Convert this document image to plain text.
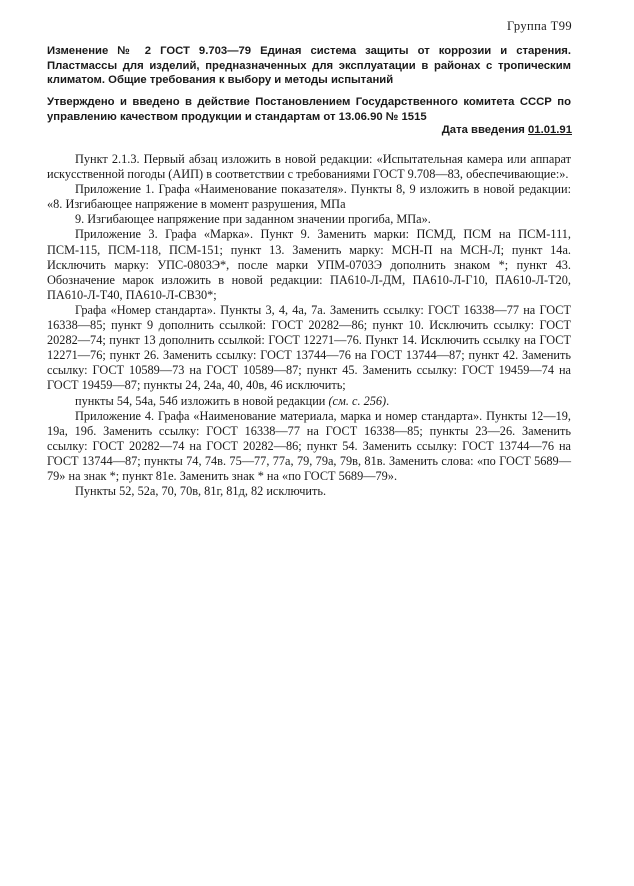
Группа Т99
Изменение № 2 ГОСТ 9.703—79 Единая система защиты от коррозии и старения. Пластмассы для изделий, предназначенных для эксплуатации в районах с тропическим климатом. Общие требования к выбору и методы испытаний
Утверждено и введено в действие Постановлением Государственного комитета СССР по управлению качеством продукции и стандартам от 13.06.90 № 1515
Дата введения 01.01.91

Пункт 2.1.3. Первый абзац изложить в новой редакции: «Испытательная камера или аппарат искусственной погоды (АИП) в соответствии с требованиями ГОСТ 9.708—83, обеспечивающие:».

Приложение 1. Графа «Наименование показателя». Пункты 8, 9 изложить в новой редакции: «8. Изгибающее напряжение в момент разрушения, МПа

9. Изгибающее напряжение при заданном значении прогиба, МПа».

Приложение 3. Графа «Марка». Пункт 9. Заменить марки: ПСМД, ПСМ на ПСМ-111, ПСМ-115, ПСМ-118, ПСМ-151; пункт 13. Заменить марку: МСН-П на МСН-Л; пункт 14а. Исключить марку: УПС-0803Э*, после марки УПМ-0703Э дополнить знаком *; пункт 43. Обозначение марок изложить в новой редакции: ПА610-Л-ДМ, ПА610-Л-Г10, ПА610-Л-Т20, ПА610-Л-Т40, ПА610-Л-СВ30*;

Графа «Номер стандарта». Пункты 3, 4, 4а, 7а. Заменить ссылку: ГОСТ 16338—77 на ГОСТ 16338—85; пункт 9 дополнить ссылкой: ГОСТ 20282—86; пункт 10. Исключить ссылку: ГОСТ 20282—74; пункт 13 дополнить ссылкой: ГОСТ 12271—76. Пункт 14. Исключить ссылку на ГОСТ 12271—76; пункт 26. Заменить ссылку: ГОСТ 13744—76 на ГОСТ 13744—87; пункт 42. Заменить ссылку: ГОСТ 10589—73 на ГОСТ 10589—87; пункт 45. Заменить ссылку: ГОСТ 19459—74 на ГОСТ 19459—87; пункты 24, 24а, 40, 40в, 46 исключить;

пункты 54, 54а, 54б изложить в новой редакции (см. с. 256).

Приложение 4. Графа «Наименование материала, марка и номер стандарта». Пункты 12—19, 19а, 19б. Заменить ссылку: ГОСТ 16338—77 на ГОСТ 16338—85; пункты 23—26. Заменить ссылку: ГОСТ 20282—74 на ГОСТ 20282—86; пункт 54. Заменить ссылку: ГОСТ 13744—76 на ГОСТ 13744—87; пункты 74, 74в. 75—77, 77а, 79, 79а, 79в, 81в. Заменить слова: «по ГОСТ 5689—79» на знак *; пункт 81е. Заменить знак * на «по ГОСТ 5689—79».

Пункты 52, 52а, 70, 70в, 81г, 81д, 82 исключить.
